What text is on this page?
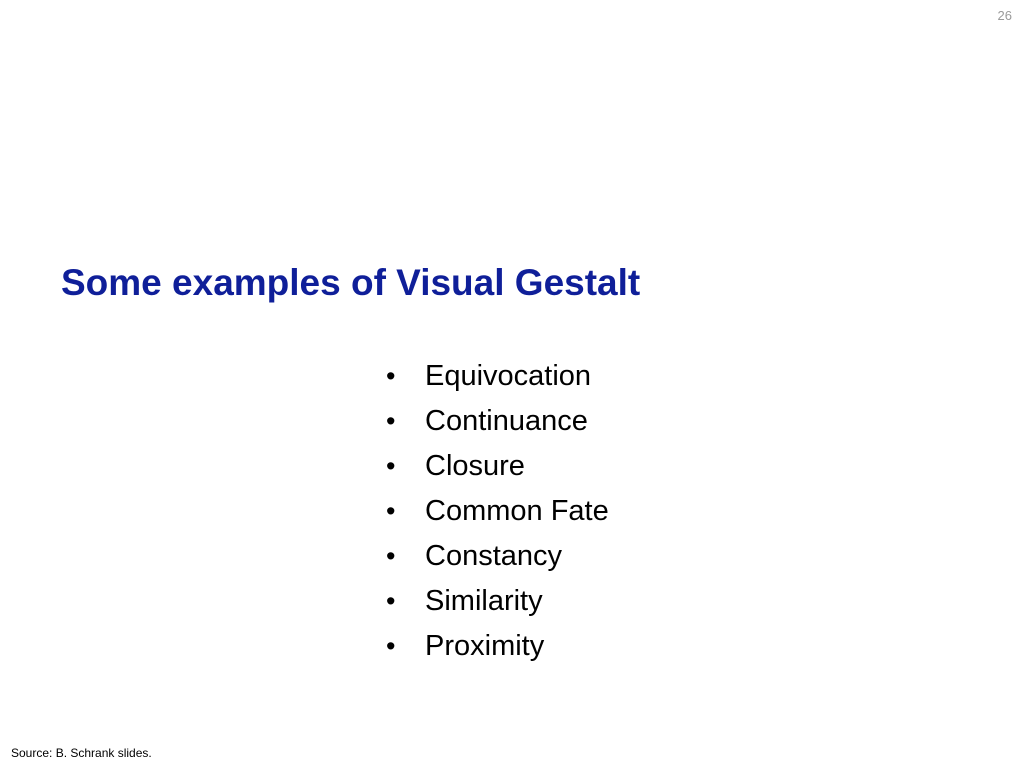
26
Some examples of Visual Gestalt
•	Equivocation
•	Continuance
•	Closure
•	Common Fate
•	Constancy
•	Similarity
•	Proximity
Source: B. Schrank slides.
